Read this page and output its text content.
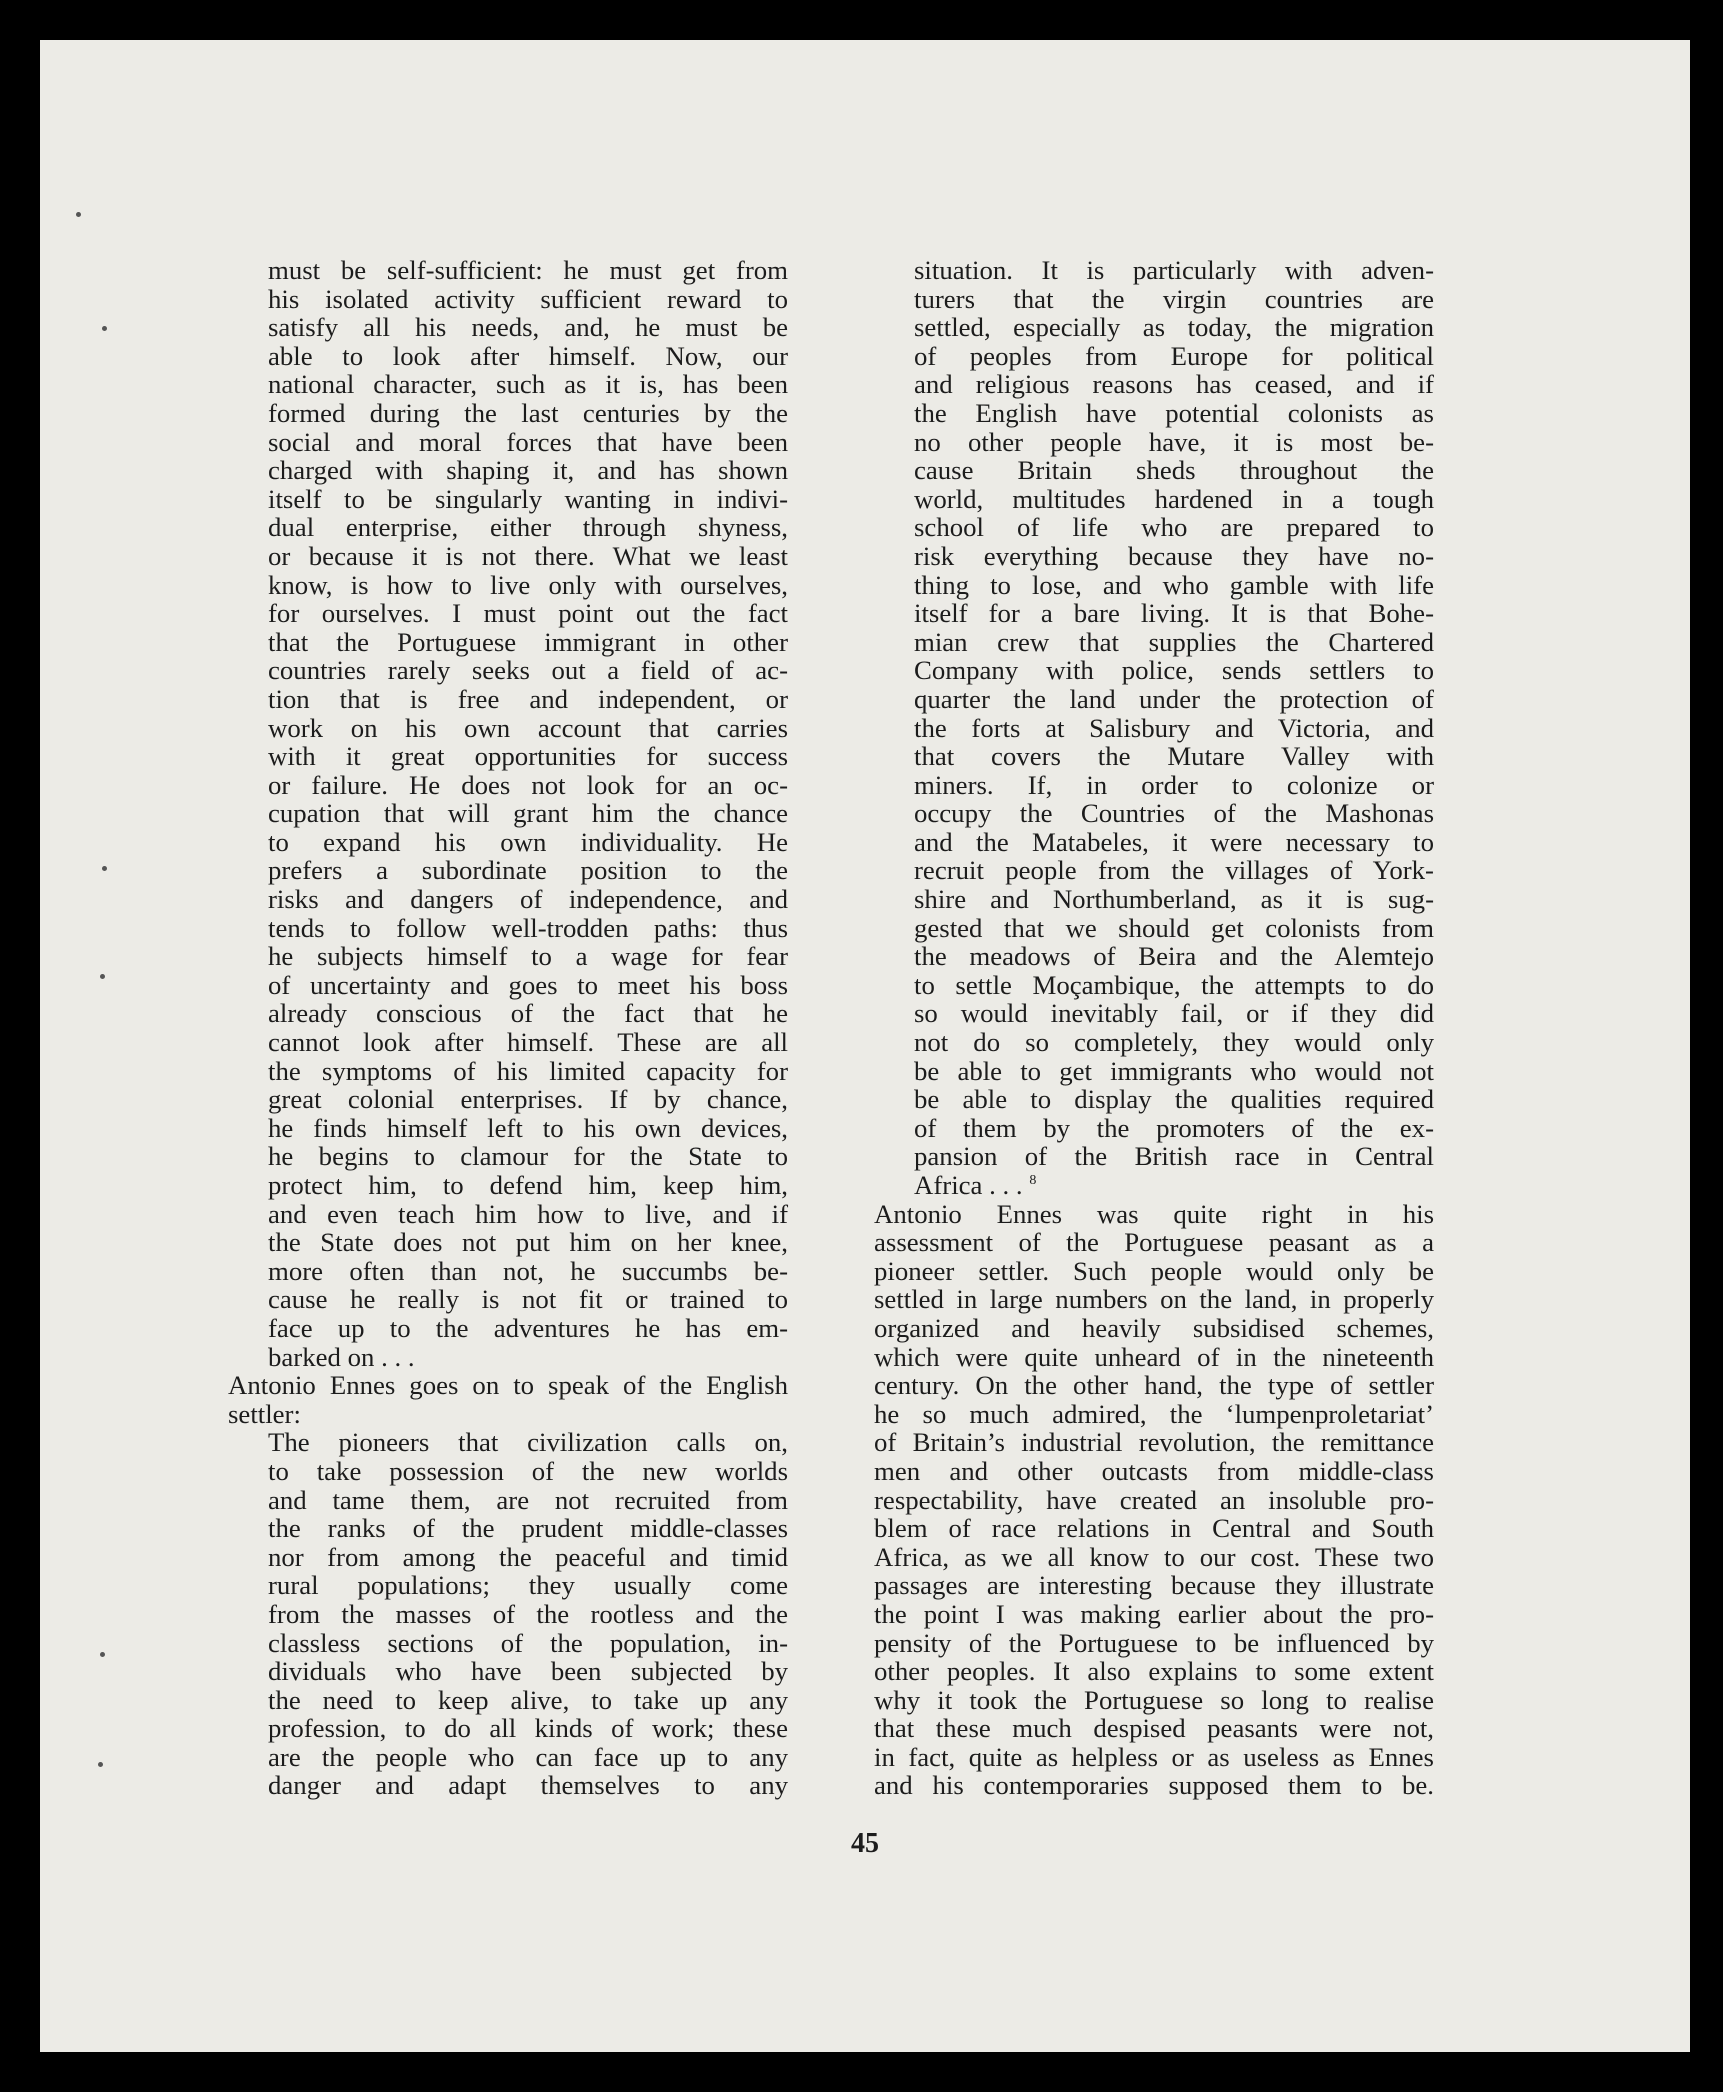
must be self-sufficient: he must get from
his isolated activity sufficient reward to
satisfy all his needs, and, he must be
able to look after himself. Now, our
national character, such as it is, has been
formed during the last centuries by the
social and moral forces that have been
charged with shaping it, and has shown
itself to be singularly wanting in indivi-
dual enterprise, either through shyness,
or because it is not there. What we least
know, is how to live only with ourselves,
for ourselves. I must point out the fact
that the Portuguese immigrant in other
countries rarely seeks out a field of ac-
tion that is free and independent, or
work on his own account that carries
with it great opportunities for success
or failure. He does not look for an oc-
cupation that will grant him the chance
to expand his own individuality. He
prefers a subordinate position to the
risks and dangers of independence, and
tends to follow well-trodden paths: thus
he subjects himself to a wage for fear
of uncertainty and goes to meet his boss
already conscious of the fact that he
cannot look after himself. These are all
the symptoms of his limited capacity for
great colonial enterprises. If by chance,
he finds himself left to his own devices,
he begins to clamour for the State to
protect him, to defend him, keep him,
and even teach him how to live, and if
the State does not put him on her knee,
more often than not, he succumbs be-
cause he really is not fit or trained to
face up to the adventures he has em-
barked on . . .
Antonio Ennes goes on to speak of the English
settler:
The pioneers that civilization calls on,
to take possession of the new worlds
and tame them, are not recruited from
the ranks of the prudent middle-classes
nor from among the peaceful and timid
rural populations; they usually come
from the masses of the rootless and the
classless sections of the population, in-
dividuals who have been subjected by
the need to keep alive, to take up any
profession, to do all kinds of work; these
are the people who can face up to any
danger and adapt themselves to any
situation. It is particularly with adven-
turers that the virgin countries are
settled, especially as today, the migration
of peoples from Europe for political
and religious reasons has ceased, and if
the English have potential colonists as
no other people have, it is most be-
cause Britain sheds throughout the
world, multitudes hardened in a tough
school of life who are prepared to
risk everything because they have no-
thing to lose, and who gamble with life
itself for a bare living. It is that Bohe-
mian crew that supplies the Chartered
Company with police, sends settlers to
quarter the land under the protection of
the forts at Salisbury and Victoria, and
that covers the Mutare Valley with
miners. If, in order to colonize or
occupy the Countries of the Mashonas
and the Matabeles, it were necessary to
recruit people from the villages of York-
shire and Northumberland, as it is sug-
gested that we should get colonists from
the meadows of Beira and the Alemtejo
to settle Moçambique, the attempts to do
so would inevitably fail, or if they did
not do so completely, they would only
be able to get immigrants who would not
be able to display the qualities required
of them by the promoters of the ex-
pansion of the British race in Central
Africa . . . $^8$
Antonio Ennes was quite right in his
assessment of the Portuguese peasant as a
pioneer settler. Such people would only be
settled in large numbers on the land, in properly
organized and heavily subsidised schemes,
which were quite unheard of in the nineteenth
century. On the other hand, the type of settler
he so much admired, the ‘lumpenproletariat’
of Britain’s industrial revolution, the remittance
men and other outcasts from middle-class
respectability, have created an insoluble pro-
blem of race relations in Central and South
Africa, as we all know to our cost. These two
passages are interesting because they illustrate
the point I was making earlier about the pro-
pensity of the Portuguese to be influenced by
other peoples. It also explains to some extent
why it took the Portuguese so long to realise
that these much despised peasants were not,
in fact, quite as helpless or as useless as Ennes
and his contemporaries supposed them to be.
45
